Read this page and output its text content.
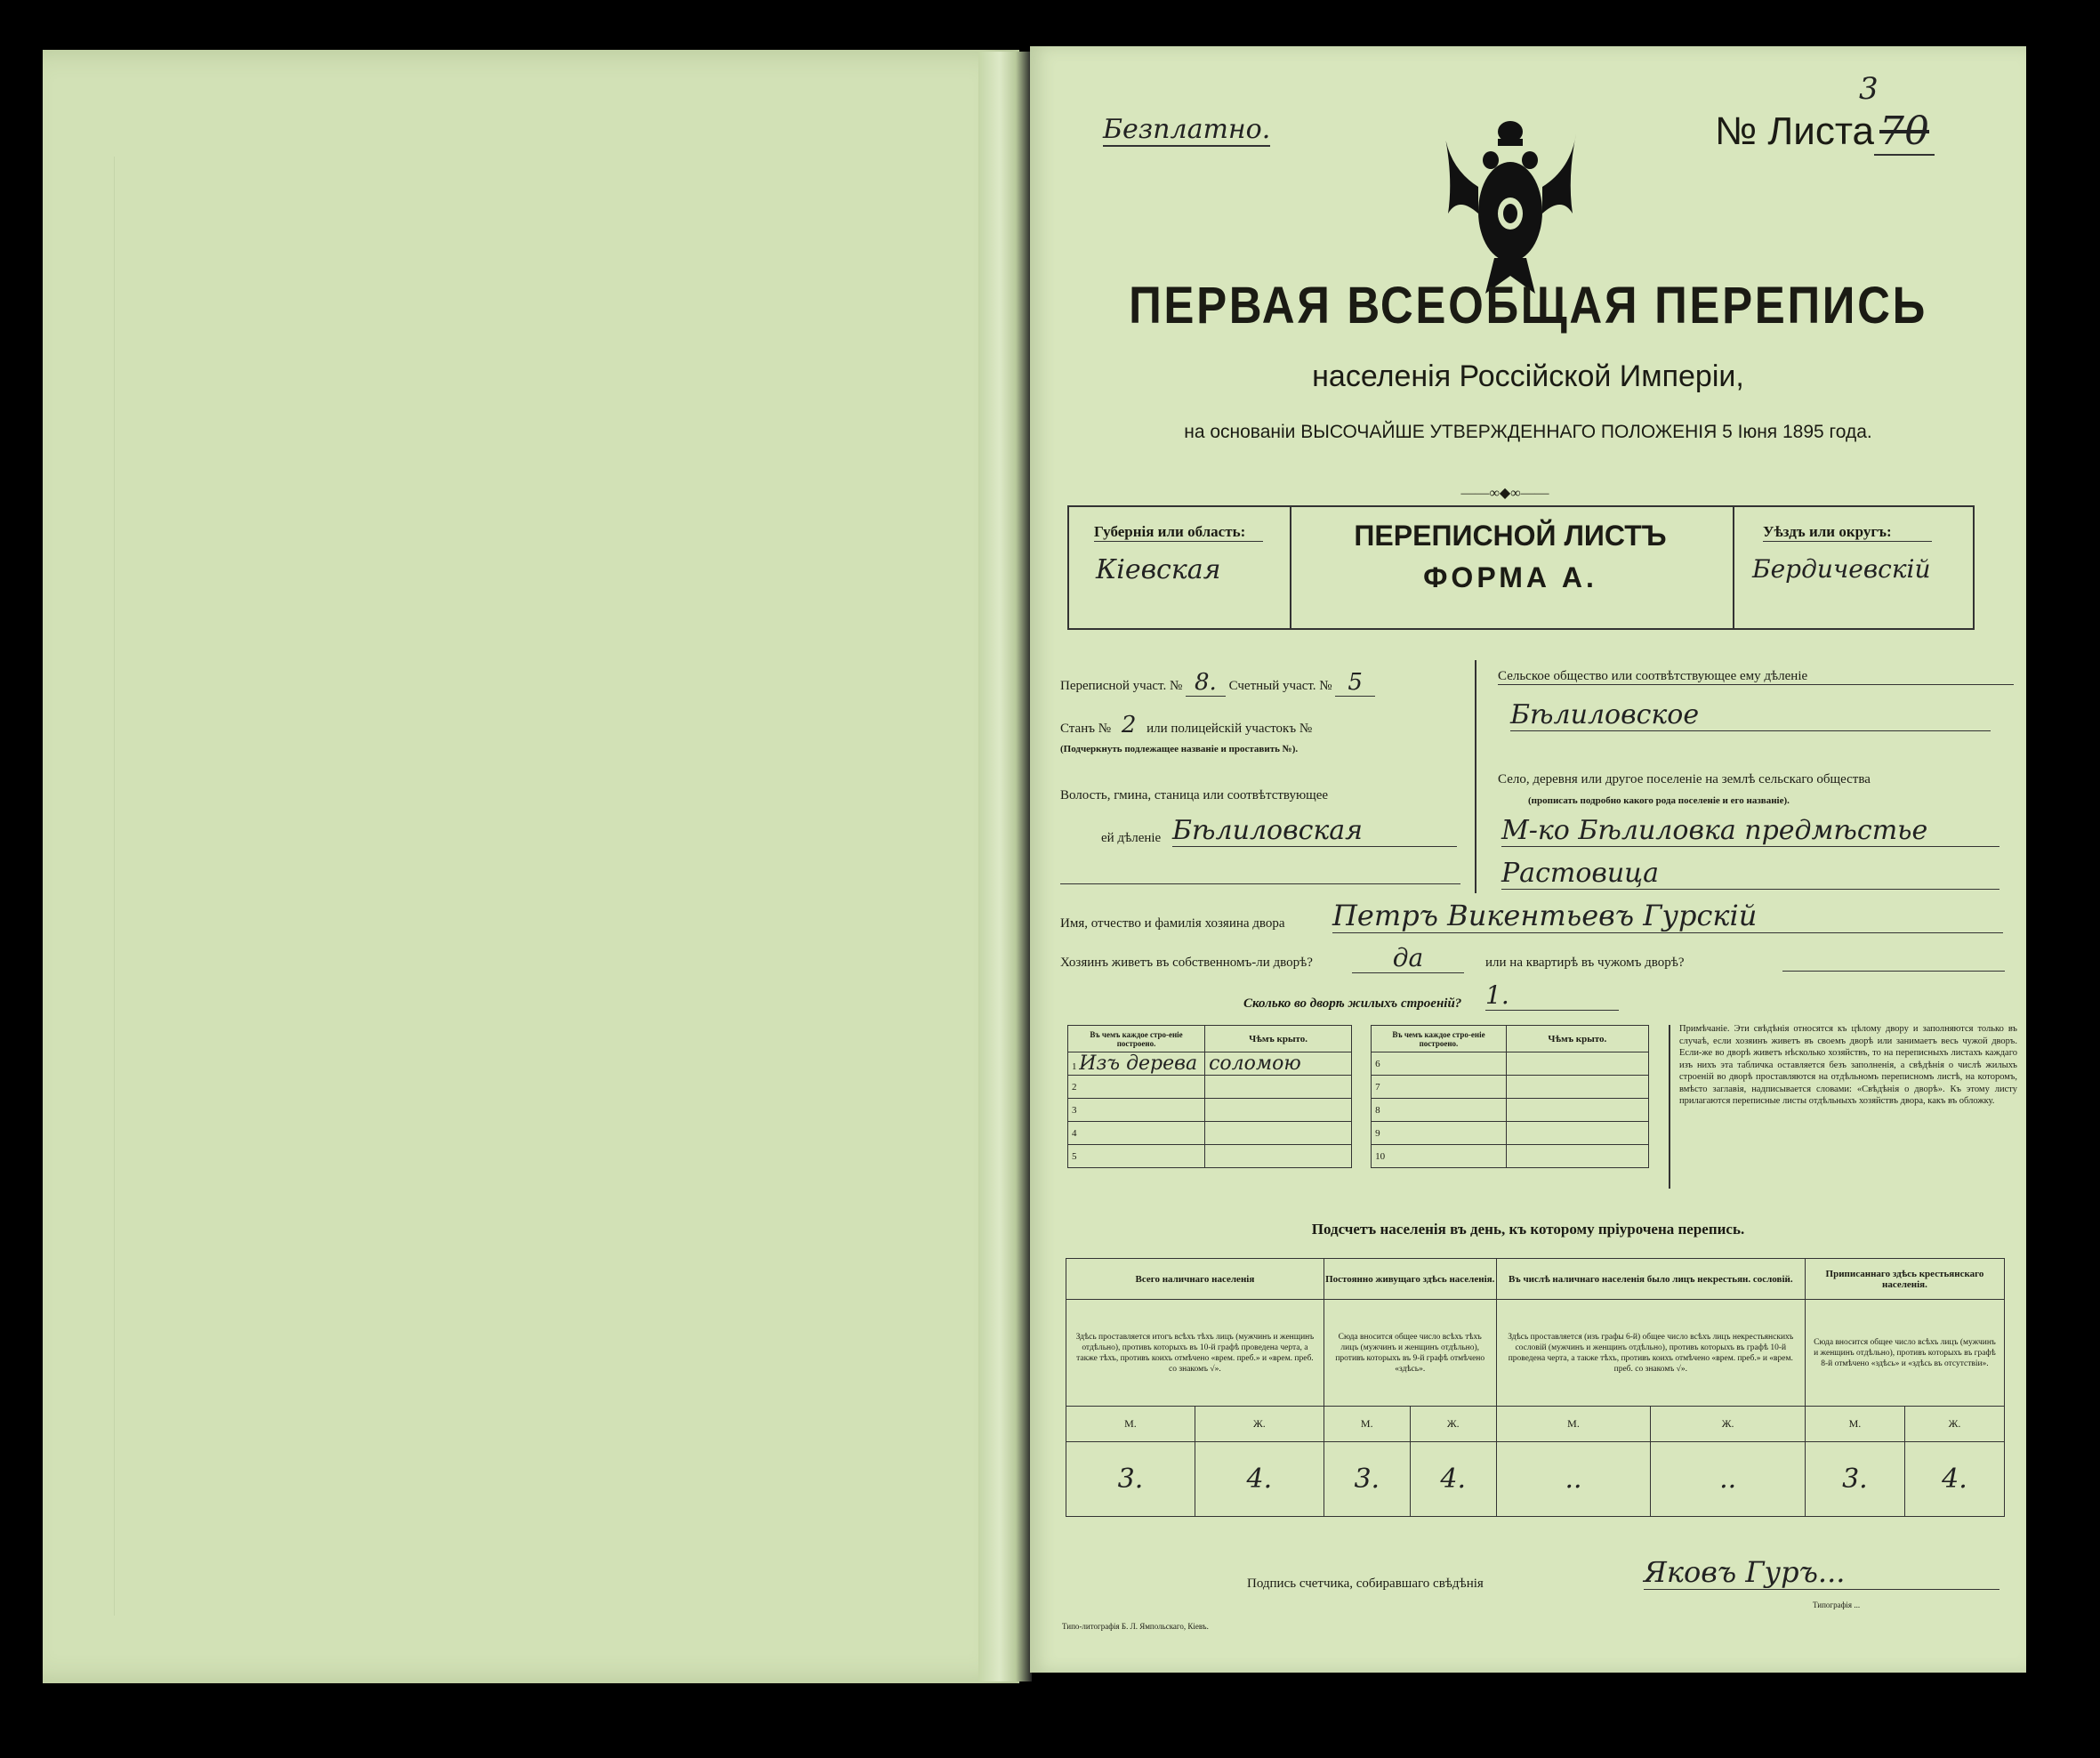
Безплатно.	№ Листа 70
3
ПЕРВАЯ ВСЕОБЩАЯ ПЕРЕПИСЬ
населенія Россійской Имперіи,
на основаніи ВЫСОЧАЙШЕ УТВЕРЖДЕННАГО ПОЛОЖЕНІЯ 5 Іюня 1895 года.
——∞◆∞——
Губернія или область:
Кіевская
ПЕРЕПИСНОЙ ЛИСТЪ
ФОРМА А.
Уѣздъ или округъ:
Бердичевскій
Переписной участ. № 8. Счетный участ. № 5
Станъ № 2 или полицейскій участокъ №
(Подчеркнуть подлежащее названіе и проставить №).
Волость, гмина, станица или соотвѣтствующее
ей дѣленіе Бѣлиловская
Сельское общество или соотвѣтствующее ему дѣленіе
Бѣлиловское
Село, деревня или другое поселеніе на землѣ сельскаго общества
(прописать подробно какого рода поселеніе и его названіе).
М-ко Бѣлиловка предмѣстье
Растовица
Имя, отчество и фамилія хозяина двора Петръ Викентьевъ Гурскій
Хозяинъ живетъ въ собственномъ-ли дворѣ?	да	или на квартирѣ въ чужомъ дворѣ?
Сколько во дворѣ жилыхъ строеній? 1.
Въ чемъ каждое стро-еніе построено.	Чѣмъ крыто.		Въ чемъ каждое стро-еніе построено.	Чѣмъ крыто.
1 Изъ дерева	соломою		6	
2			7	
3			8	
4			9	
5			10	
Примѣчаніе. Эти свѣдѣнія относятся къ цѣлому двору и заполняются только въ случаѣ, если хозяинъ живетъ въ своемъ дворѣ или занимаетъ весь чужой дворъ. Если-же во дворѣ живетъ нѣсколько хозяйствъ, то на переписныхъ листахъ каждаго изъ нихъ эта табличка оставляется безъ заполненія, а свѣдѣнія о числѣ жилыхъ строеній во дворѣ проставляются на отдѣльномъ переписномъ листѣ, на которомъ, вмѣсто заглавія, надписывается словами: «Свѣдѣнія о дворѣ». Къ этому листу прилагаются переписные листы отдѣльныхъ хозяйствъ двора, какъ въ обложку.
Подсчетъ населенія въ день, къ которому пріурочена перепись.
Всего наличнаго населенія		Постоянно живущаго здѣсь населенія.		Въ числѣ наличнаго населенія было лицъ некрестьян. сословій.		Приписаннаго здѣсь крестьянскаго населенія.	
Здѣсь проставляется итогъ всѣхъ тѣхъ лицъ (мужчинъ и женщинъ отдѣльно), противъ которыхъ въ 10-й графѣ проведена черта, а также тѣхъ, противъ коихъ отмѣчено «врем. преб.» и «врем. преб. со знакомъ √».		Сюда вносится общее число всѣхъ тѣхъ лицъ (мужчинъ и женщинъ отдѣльно), противъ которыхъ въ 9-й графѣ отмѣчено «здѣсь».		Здѣсь проставляется (изъ графы 6-й) общее число всѣхъ лицъ некрестьянскихъ сословій (мужчинъ и женщинъ отдѣльно), противъ которыхъ въ графѣ 10-й проведена черта, а также тѣхъ, противъ коихъ отмѣчено «врем. преб.» и «врем. преб. со знакомъ √».		Сюда вносится общее число всѣхъ лицъ (мужчинъ и женщинъ отдѣльно), противъ которыхъ въ графѣ 8-й отмѣчено «здѣсь» и «здѣсь въ отсутствіи».	
М.	Ж.	М.	Ж.	М.	Ж.	М.	Ж.
3.	4.	3.	4.	..	..	3.	4.
Подпись счетчика, собиравшаго свѣдѣнія	Яковъ Гуръ...
Типо-литографія Б. Л. Ямпольскаго, Кіевъ.
Типографія ...
